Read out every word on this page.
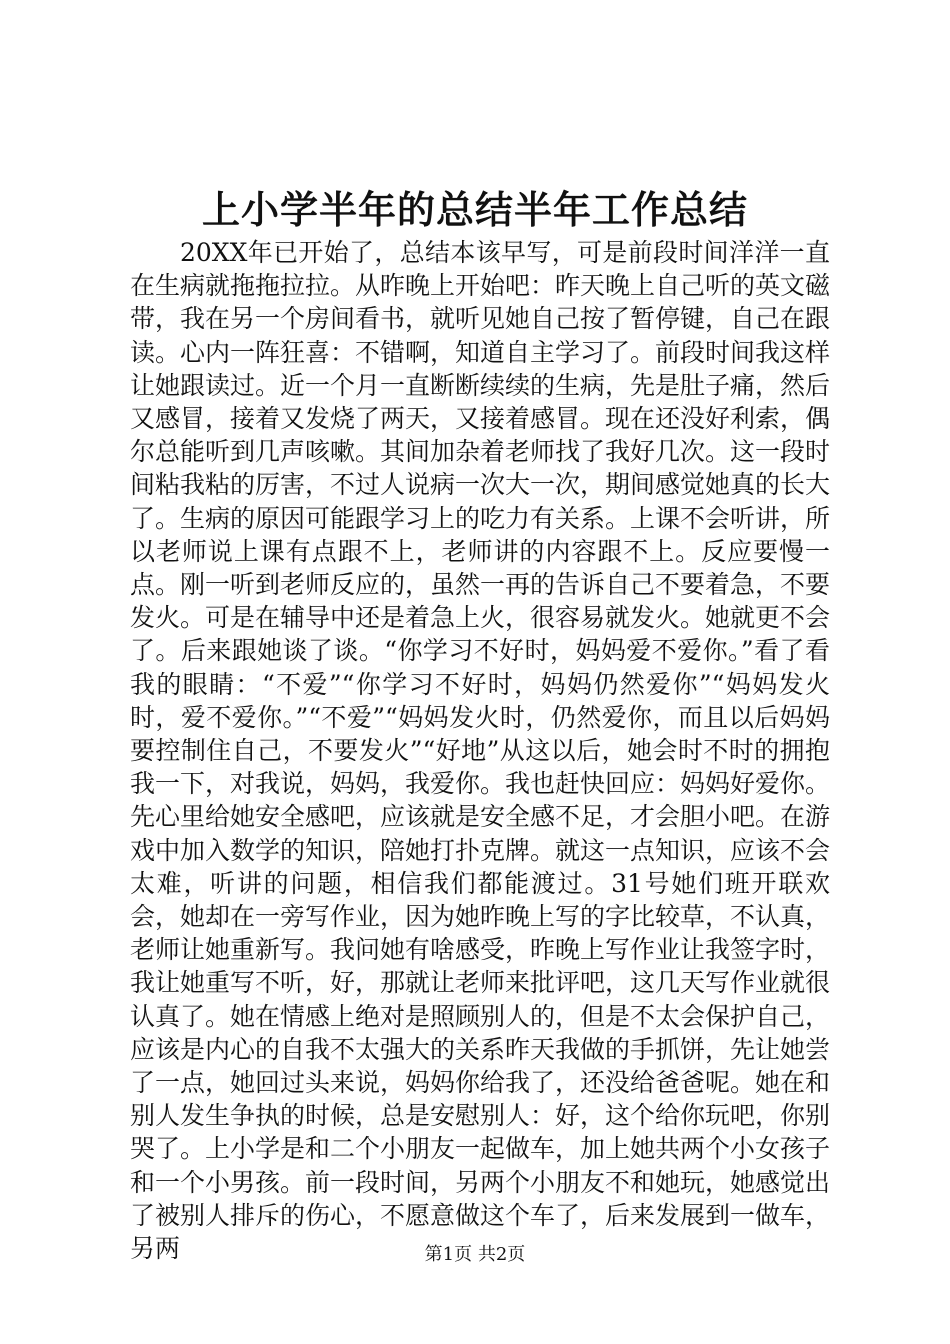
上小学半年的总结半年工作总结

20XX年已开始了，总结本该早写，可是前段时间洋洋一直在生病就拖拖拉拉。从昨晚上开始吧：昨天晚上自己听的英文磁带，我在另一个房间看书，就听见她自己按了暂停键，自己在跟读。心内一阵狂喜：不错啊，知道自主学习了。前段时间我这样让她跟读过。近一个月一直断断续续的生病，先是肚子痛，然后又感冒，接着又发烧了两天，又接着感冒。现在还没好利索，偶尔总能听到几声咳嗽。其间加杂着老师找了我好几次。这一段时间粘我粘的厉害，不过人说病一次大一次，期间感觉她真的长大了。生病的原因可能跟学习上的吃力有关系。上课不会听讲，所以老师说上课有点跟不上，老师讲的内容跟不上。反应要慢一点。刚一听到老师反应的，虽然一再的告诉自己不要着急，不要发火。可是在辅导中还是着急上火，很容易就发火。她就更不会了。后来跟她谈了谈。“你学习不好时，妈妈爱不爱你。”看了看我的眼睛：“不爱”“你学习不好时，妈妈仍然爱你”“妈妈发火时，爱不爱你。”“不爱”“妈妈发火时，仍然爱你，而且以后妈妈要控制住自己，不要发火”“好地”从这以后，她会时不时的拥抱我一下，对我说，妈妈，我爱你。我也赶快回应：妈妈好爱你。先心里给她安全感吧，应该就是安全感不足，才会胆小吧。在游戏中加入数学的知识，陪她打扑克牌。就这一点知识，应该不会太难，听讲的问题，相信我们都能渡过。31号她们班开联欢会，她却在一旁写作业，因为她昨晚上写的字比较草，不认真，老师让她重新写。我问她有啥感受，昨晚上写作业让我签字时，我让她重写不听，好，那就让老师来批评吧，这几天写作业就很认真了。她在情感上绝对是照顾别人的，但是不太会保护自己，应该是内心的自我不太强大的关系昨天我做的手抓饼，先让她尝了一点，她回过头来说，妈妈你给我了，还没给爸爸呢。她在和别人发生争执的时候，总是安慰别人：好，这个给你玩吧，你别哭了。上小学是和二个小朋友一起做车，加上她共两个小女孩子和一个小男孩。前一段时间，另两个小朋友不和她玩，她感觉出了被别人排斥的伤心，不愿意做这个车了，后来发展到一做车，另两	第1页 共2页
